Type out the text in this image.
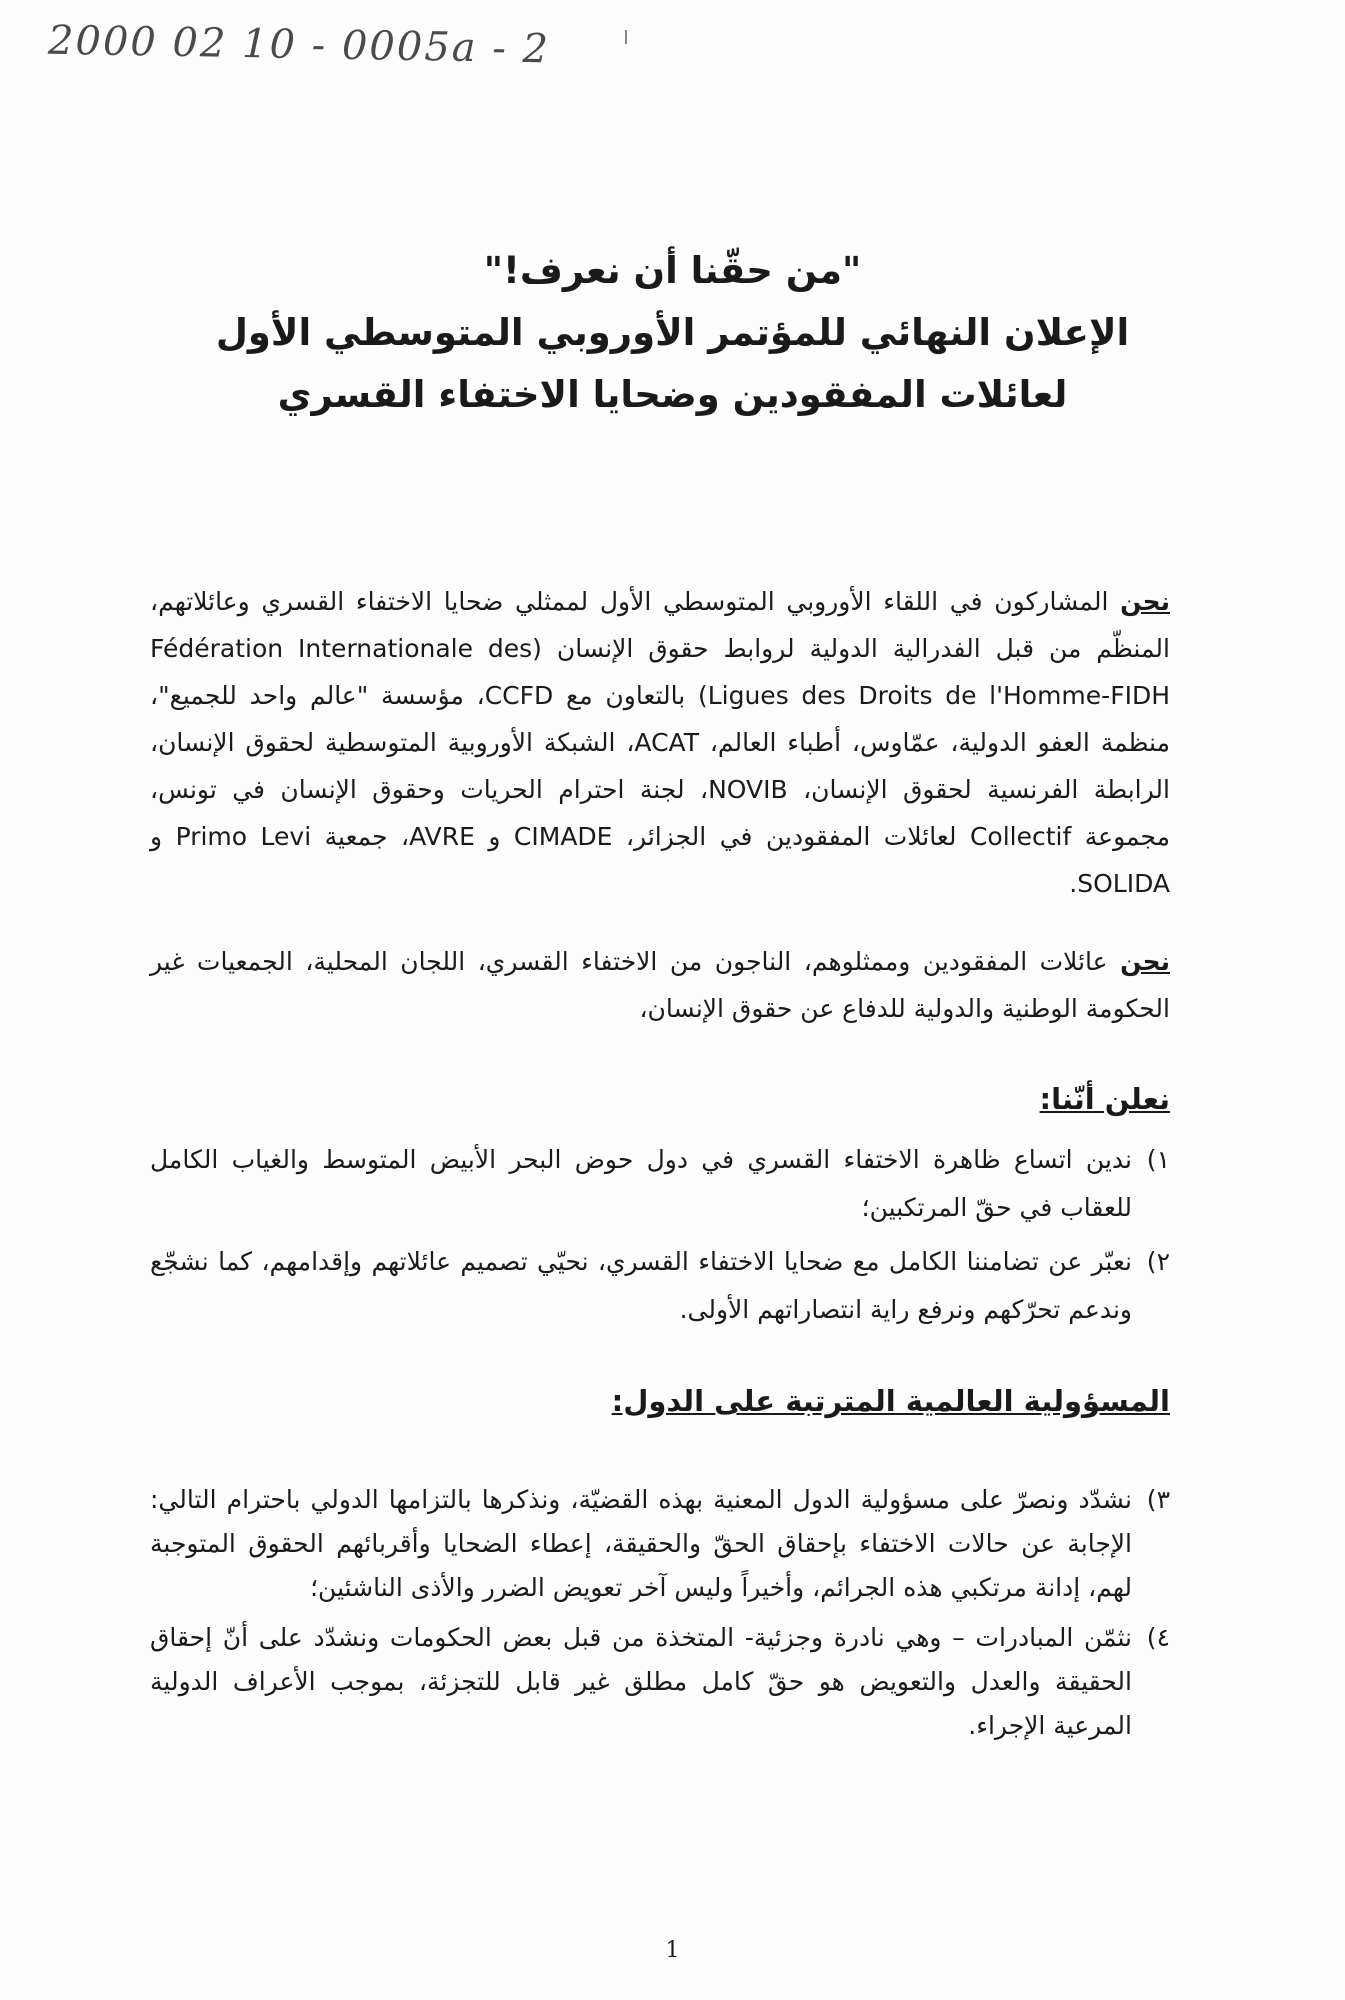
2000 02 10 - 0005a - 2

"من حقّنا أن نعرف!"

الإعلان النهائي للمؤتمر الأوروبي المتوسطي الأول

لعائلات المفقودين وضحايا الاختفاء القسري

نحن المشاركون في اللقاء الأوروبي المتوسطي الأول لممثلي ضحايا الاختفاء القسري وعائلاتهم، المنظّم من قبل الفدرالية الدولية لروابط حقوق الإنسان (Fédération Internationale des Ligues des Droits de l'Homme-FIDH) بالتعاون مع CCFD، مؤسسة "عالم واحد للجميع"، منظمة العفو الدولية، عمّاوس، أطباء العالم، ACAT، الشبكة الأوروبية المتوسطية لحقوق الإنسان، الرابطة الفرنسية لحقوق الإنسان، NOVIB، لجنة احترام الحريات وحقوق الإنسان في تونس، مجموعة Collectif لعائلات المفقودين في الجزائر، CIMADE و AVRE، جمعية Primo Levi و SOLIDA.
نحن عائلات المفقودين وممثلوهم، الناجون من الاختفاء القسري، اللجان المحلية، الجمعيات غير الحكومة الوطنية والدولية للدفاع عن حقوق الإنسان،
نعلن أنّنا:
١)
ندين اتساع ظاهرة الاختفاء القسري في دول حوض البحر الأبيض المتوسط والغياب الكامل للعقاب في حقّ المرتكبين؛
٢)
نعبّر عن تضامننا الكامل مع ضحايا الاختفاء القسري، نحيّي تصميم عائلاتهم وإقدامهم، كما نشجّع وندعم تحرّكهم ونرفع راية انتصاراتهم الأولى.
المسؤولية العالمية المترتبة على الدول:
٣)
نشدّد ونصرّ على مسؤولية الدول المعنية بهذه القضيّة، ونذكرها بالتزامها الدولي باحترام التالي: الإجابة عن حالات الاختفاء بإحقاق الحقّ والحقيقة، إعطاء الضحايا وأقربائهم الحقوق المتوجبة لهم، إدانة مرتكبي هذه الجرائم، وأخيراً وليس آخر تعويض الضرر والأذى الناشئين؛
٤)
نثمّن المبادرات – وهي نادرة وجزئية- المتخذة من قبل بعض الحكومات ونشدّد على أنّ إحقاق الحقيقة والعدل والتعويض هو حقّ كامل مطلق غير قابل للتجزئة، بموجب الأعراف الدولية المرعية الإجراء.
1
